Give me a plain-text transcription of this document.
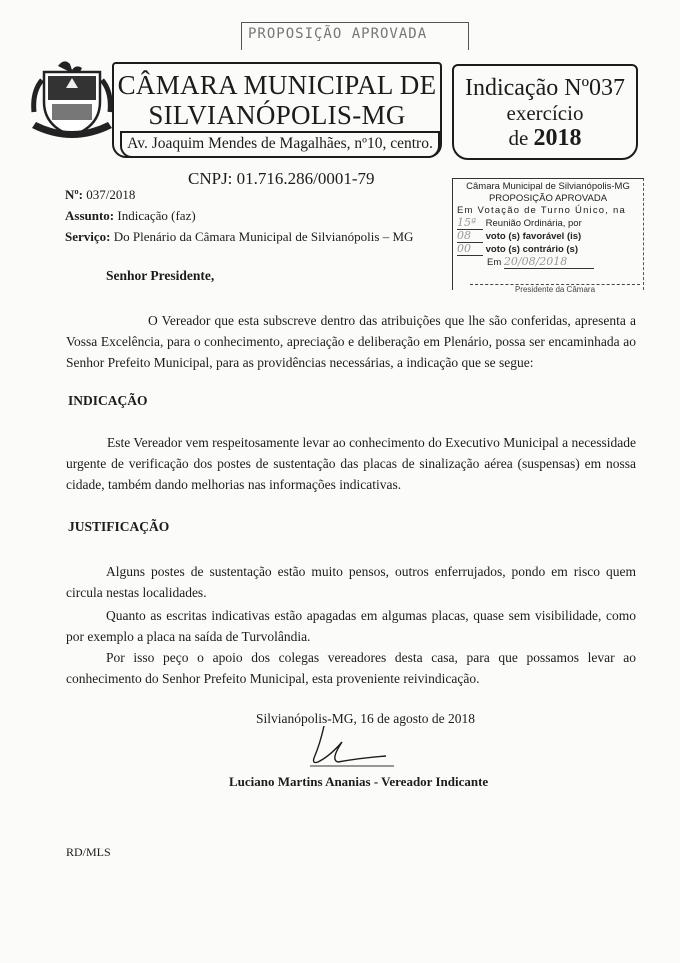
PROPOSIÇÃO APROVADA
CÂMARA MUNICIPAL DE
SILVIANÓPOLIS-MG
Av. Joaquim Mendes de Magalhães, nº10, centro.
Indicação Nº037
exercício
de 2018
CNPJ: 01.716.286/0001-79
Nº: 037/2018
Assunto: Indicação (faz)
Serviço: Do Plenário da Câmara Municipal de Silvianópolis – MG
Câmara Municipal de Silvianópolis-MG
PROPOSIÇÃO APROVADA
Em Votação de Turno Único, na
15ª Reunião Ordinária, por
08 voto (s) favorável (is)
00 voto (s) contrário (s)
Em 20/08/2018
Presidente da Câmara
Senhor Presidente,
O Vereador que esta subscreve dentro das atribuições que lhe são conferidas, apresenta a Vossa Excelência, para o conhecimento, apreciação e deliberação em Plenário, possa ser encaminhada ao Senhor Prefeito Municipal, para as providências necessárias, a indicação que se segue:
INDICAÇÃO
Este Vereador vem respeitosamente levar ao conhecimento do Executivo Municipal a necessidade urgente de verificação dos postes de sustentação das placas de sinalização aérea (suspensas) em nossa cidade, também dando melhorias nas informações indicativas.
JUSTIFICAÇÃO
Alguns postes de sustentação estão muito pensos, outros enferrujados, pondo em risco quem circula nestas localidades.
Quanto as escritas indicativas estão apagadas em algumas placas, quase sem visibilidade, como por exemplo a placa na saída de Turvolândia.
Por isso peço o apoio dos colegas vereadores desta casa, para que possamos levar ao conhecimento do Senhor Prefeito Municipal, esta proveniente reivindicação.
Silvianópolis-MG, 16 de agosto de 2018
Luciano Martins Ananias - Vereador Indicante
RD/MLS
